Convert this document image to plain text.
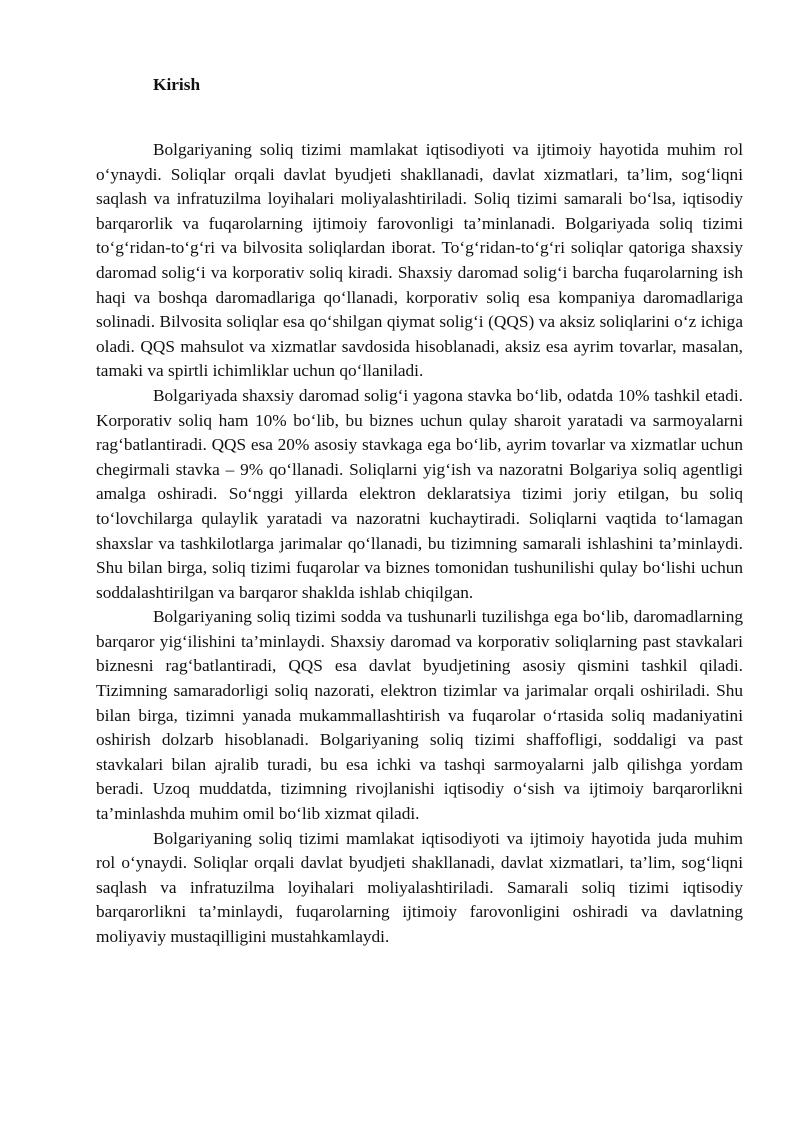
Kirish

Bolgariyaning soliq tizimi mamlakat iqtisodiyoti va ijtimoiy hayotida muhim rol o‘ynaydi. Soliqlar orqali davlat byudjeti shakllanadi, davlat xizmatlari, ta’lim, sog‘liqni saqlash va infratuzilma loyihalari moliyalashtiriladi. Soliq tizimi samarali bo‘lsa, iqtisodiy barqarorlik va fuqarolarning ijtimoiy farovonligi ta’minlanadi. Bolgariyada soliq tizimi to‘g‘ridan-to‘g‘ri va bilvosita soliqlardan iborat. To‘g‘ridan-to‘g‘ri soliqlar qatoriga shaxsiy daromad solig‘i va korporativ soliq kiradi. Shaxsiy daromad solig‘i barcha fuqarolarning ish haqi va boshqa daromadlariga qo‘llanadi, korporativ soliq esa kompaniya daromadlariga solinadi. Bilvosita soliqlar esa qo‘shilgan qiymat solig‘i (QQS) va aksiz soliqlarini o‘z ichiga oladi. QQS mahsulot va xizmatlar savdosida hisoblanadi, aksiz esa ayrim tovarlar, masalan, tamaki va spirtli ichimliklar uchun qo‘llaniladi.

Bolgariyada shaxsiy daromad solig‘i yagona stavka bo‘lib, odatda 10% tashkil etadi. Korporativ soliq ham 10% bo‘lib, bu biznes uchun qulay sharoit yaratadi va sarmoyalarni rag‘batlantiradi. QQS esa 20% asosiy stavkaga ega bo‘lib, ayrim tovarlar va xizmatlar uchun chegirmali stavka – 9% qo‘llanadi. Soliqlarni yig‘ish va nazoratni Bolgariya soliq agentligi amalga oshiradi. So‘nggi yillarda elektron deklaratsiya tizimi joriy etilgan, bu soliq to‘lovchilarga qulaylik yaratadi va nazoratni kuchaytiradi. Soliqlarni vaqtida to‘lamagan shaxslar va tashkilotlarga jarimalar qo‘llanadi, bu tizimning samarali ishlashini ta’minlaydi. Shu bilan birga, soliq tizimi fuqarolar va biznes tomonidan tushunilishi qulay bo‘lishi uchun soddalashtirilgan va barqaror shaklda ishlab chiqilgan.

Bolgariyaning soliq tizimi sodda va tushunarli tuzilishga ega bo‘lib, daromadlarning barqaror yig‘ilishini ta’minlaydi. Shaxsiy daromad va korporativ soliqlarning past stavkalari biznesni rag‘batlantiradi, QQS esa davlat byudjetining asosiy qismini tashkil qiladi. Tizimning samaradorligi soliq nazorati, elektron tizimlar va jarimalar orqali oshiriladi. Shu bilan birga, tizimni yanada mukammallashtirish va fuqarolar o‘rtasida soliq madaniyatini oshirish dolzarb hisoblanadi. Bolgariyaning soliq tizimi shaffofligi, soddaligi va past stavkalari bilan ajralib turadi, bu esa ichki va tashqi sarmoyalarni jalb qilishga yordam beradi. Uzoq muddatda, tizimning rivojlanishi iqtisodiy o‘sish va ijtimoiy barqarorlikni ta’minlashda muhim omil bo‘lib xizmat qiladi.

Bolgariyaning soliq tizimi mamlakat iqtisodiyoti va ijtimoiy hayotida juda muhim rol o‘ynaydi. Soliqlar orqali davlat byudjeti shakllanadi, davlat xizmatlari, ta’lim, sog‘liqni saqlash va infratuzilma loyihalari moliyalashtiriladi. Samarali soliq tizimi iqtisodiy barqarorlikni ta’minlaydi, fuqarolarning ijtimoiy farovonligini oshiradi va davlatning moliyaviy mustaqilligini mustahkamlaydi.
